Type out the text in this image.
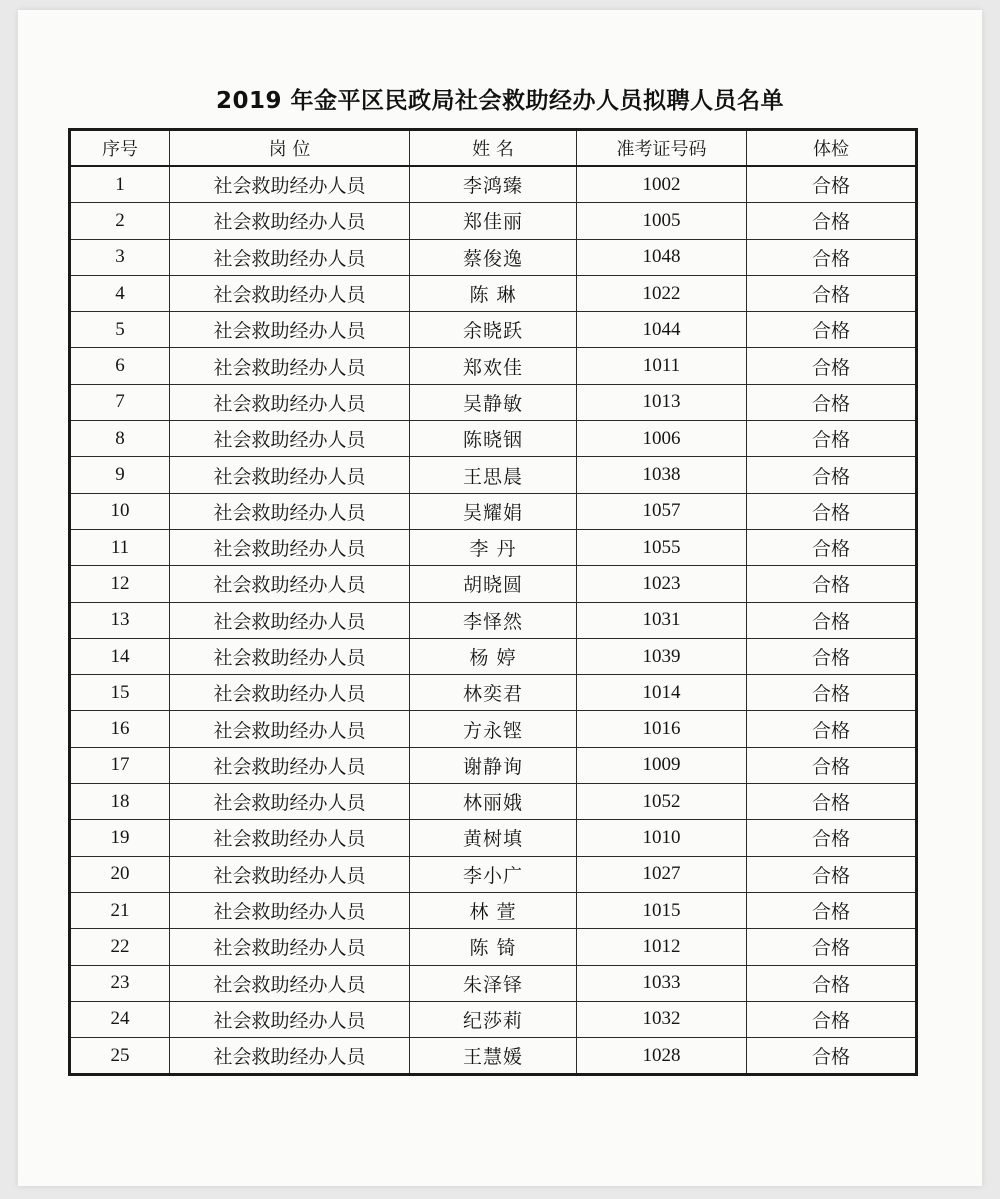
2019 年金平区民政局社会救助经办人员拟聘人员名单
序号	岗 位	姓 名	准考证号码	体检
1	社会救助经办人员	李鸿臻	1002	合格
2	社会救助经办人员	郑佳丽	1005	合格
3	社会救助经办人员	蔡俊逸	1048	合格
4	社会救助经办人员	陈 琳	1022	合格
5	社会救助经办人员	余晓跃	1044	合格
6	社会救助经办人员	郑欢佳	1011	合格
7	社会救助经办人员	吴静敏	1013	合格
8	社会救助经办人员	陈晓铟	1006	合格
9	社会救助经办人员	王思晨	1038	合格
10	社会救助经办人员	吴耀娟	1057	合格
11	社会救助经办人员	李 丹	1055	合格
12	社会救助经办人员	胡晓圆	1023	合格
13	社会救助经办人员	李怿然	1031	合格
14	社会救助经办人员	杨 婷	1039	合格
15	社会救助经办人员	林奕君	1014	合格
16	社会救助经办人员	方永铿	1016	合格
17	社会救助经办人员	谢静询	1009	合格
18	社会救助经办人员	林丽娥	1052	合格
19	社会救助经办人员	黄树填	1010	合格
20	社会救助经办人员	李小广	1027	合格
21	社会救助经办人员	林 萱	1015	合格
22	社会救助经办人员	陈 锜	1012	合格
23	社会救助经办人员	朱泽铎	1033	合格
24	社会救助经办人员	纪莎莉	1032	合格
25	社会救助经办人员	王慧媛	1028	合格
